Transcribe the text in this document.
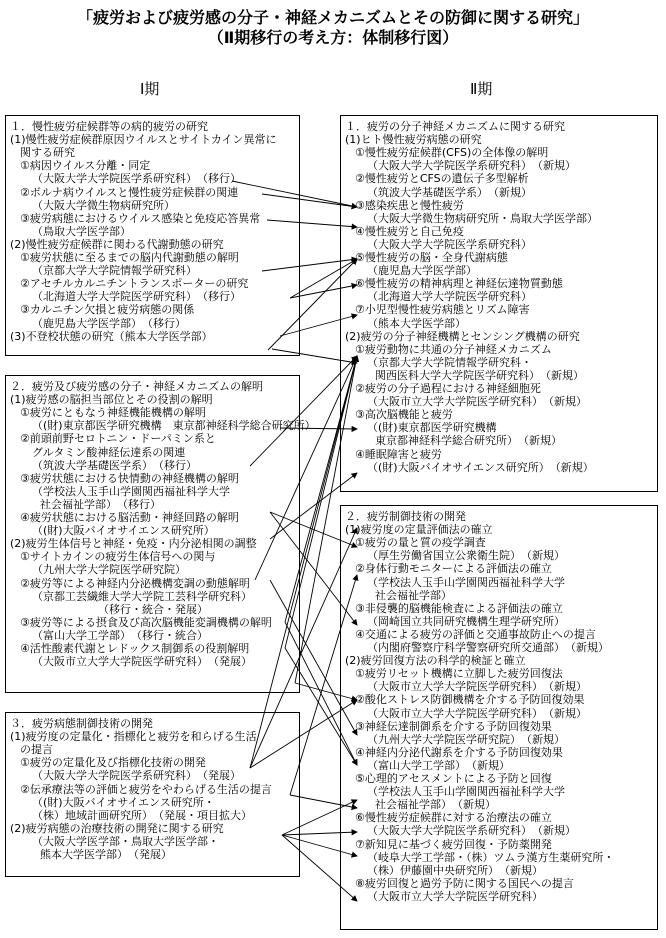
「疲労および疲労感の分子・神経メカニズムとその防御に関する研究」
（Ⅱ期移行の考え方：体制移行図）
Ⅰ期	Ⅱ期
１．慢性疲労症候群等の病的疲労の研究
(1)慢性疲労症候群原因ウイルスとサイトカイン異常に
関する研究
①病因ウイルス分離・同定
（大阪大学大学院医学系研究科）　（移行）
②ボルナ病ウイルスと慢性疲労症候群の関連
（大阪大学微生物病研究所）
③疲労病態におけるウイルス感染と免疫応答異常
（鳥取大学医学部）
(2)慢性疲労症候群に関わる代謝動態の研究
①疲労状態に至るまでの脳内代謝動態の解明
（京都大学大学院情報学研究科）
②アセチルカルニチントランスポーターの研究
（北海道大学大学院医学研究科）　（移行）
③カルニチン欠損と疲労病態の関係
（鹿児島大学医学部）　（移行）
(3)不登校状態の研究（熊本大学医学部）
２．疲労及び疲労感の分子・神経メカニズムの解明
(1)疲労感の脳担当部位とその役割の解明
①疲労にともなう神経機能機構の解明
（(財)東京都医学研究機構　東京都神経科学総合研究所）
②前頭前野セロトニン・ドーパミン系と
グルタミン酸神経伝達系の関連
（筑波大学基礎医学系）　（移行）
③疲労状態における快情動の神経機構の解明
（学校法人玉手山学園関西福祉科学大学
社会福祉学部）　（移行）
④疲労状態における脳活動・神経回路の解明
（(財)大阪バイオサイエンス研究所）
(2)疲労生体信号と神経・免疫・内分泌相関の調整
①サイトカインの疲労生体信号への関与
（九州大学大学院医学研究院）
②疲労等による神経内分泌機構変調の動態解明
（京都工芸繊維大学大学院工芸科学研究科）
（移行・統合・発展）
③疲労等による摂食及び高次脳機能変調機構の解明
（富山大学工学部）　（移行・統合）
④活性酸素代謝とレドックス制御系の役割解明
（大阪市立大学大学院医学研究科）　（発展）
３．疲労病態制御技術の開発
(1)疲労度の定量化・指標化と疲労を和らげる生活
の提言
①疲労の定量化及び指標化技術の開発
（大阪大学大学院医学系研究科）　（発展）
②伝承療法等の評価と疲労をやわらげる生活の提言
（(財)大阪バイオサイエンス研究所・
（株）地域計画研究所）　（発展・項目拡大）
(2)疲労病態の治療技術の開発に関する研究
（大阪大学医学部・鳥取大学医学部・
熊本大学医学部）　（発展）
１．疲労の分子神経メカニズムに関する研究
(1)ヒト慢性疲労病態の研究
①慢性疲労症候群(CFS)の全体像の解明
（大阪大学大学院医学系研究科）　（新規）
②慢性疲労とCFSの遺伝子多型解析
（筑波大学基礎医学系）　（新規）
③感染疾患と慢性疲労
（大阪大学微生物病研究所・鳥取大学医学部）
④慢性疲労と自己免疫
（大阪大学大学院医学系研究科）
⑤慢性疲労の脳・全身代謝病態
（鹿児島大学医学部）
⑥慢性疲労の精神病理と神経伝達物質動態
（北海道大学大学院医学研究科）
⑦小児型慢性疲労病態とリズム障害
（熊本大学医学部）
(2)疲労の分子神経機構とセンシング機構の研究
①疲労動物に共通の分子神経メカニズム
（京都大学大学院情報学研究科・
関西医科大学大学院医学研究科）　（新規）
②疲労の分子過程における神経細胞死
（大阪市立大学大学院医学研究科）　（新規）
③高次脳機能と疲労
（(財)東京都医学研究機構
東京都神経科学総合研究所）　（新規）
④睡眠障害と疲労
（(財)大阪バイオサイエンス研究所）　（新規）
２．疲労制御技術の開発
(1)疲労度の定量評価法の確立
①疲労の量と質の疫学調査
（厚生労働省国立公衆衛生院）　（新規）
②身体行動モニターによる評価法の確立
（学校法人玉手山学園関西福祉科学大学
社会福祉学部）
③非侵襲的脳機能検査による評価法の確立
（岡崎国立共同研究機構生理学研究所）
④交通による疲労の評価と交通事故防止への提言
（内閣府警察庁科学警察研究所交通部）　（新規）
(2)疲労回復方法の科学的検証と確立
①疲労リセット機構に立脚した疲労回復法
（大阪市立大学大学院医学研究科）　（新規）
②酸化ストレス防御機構を介する予防回復効果
（大阪市立大学大学院医学研究科）　（新規）
③神経伝達制御系を介する予防回復効果
（九州大学大学院医学研究院）　（新規）
④神経内分泌代謝系を介する予防回復効果
（富山大学工学部）　（新規）
⑤心理的アセスメントによる予防と回復
（学校法人玉手山学園関西福祉科学大学
社会福祉学部）　（新規）
⑥慢性疲労症候群に対する治療法の確立
（大阪大学大学院医学系研究科）　（新規）
⑦新知見に基づく疲労回復・予防薬開発
（岐阜大学工学部・（株）ツムラ漢方生薬研究所・
（株）伊藤園中央研究所）　（新規）
⑧疲労回復と過労予防に関する国民への提言
（大阪市立大学大学院医学研究科）
